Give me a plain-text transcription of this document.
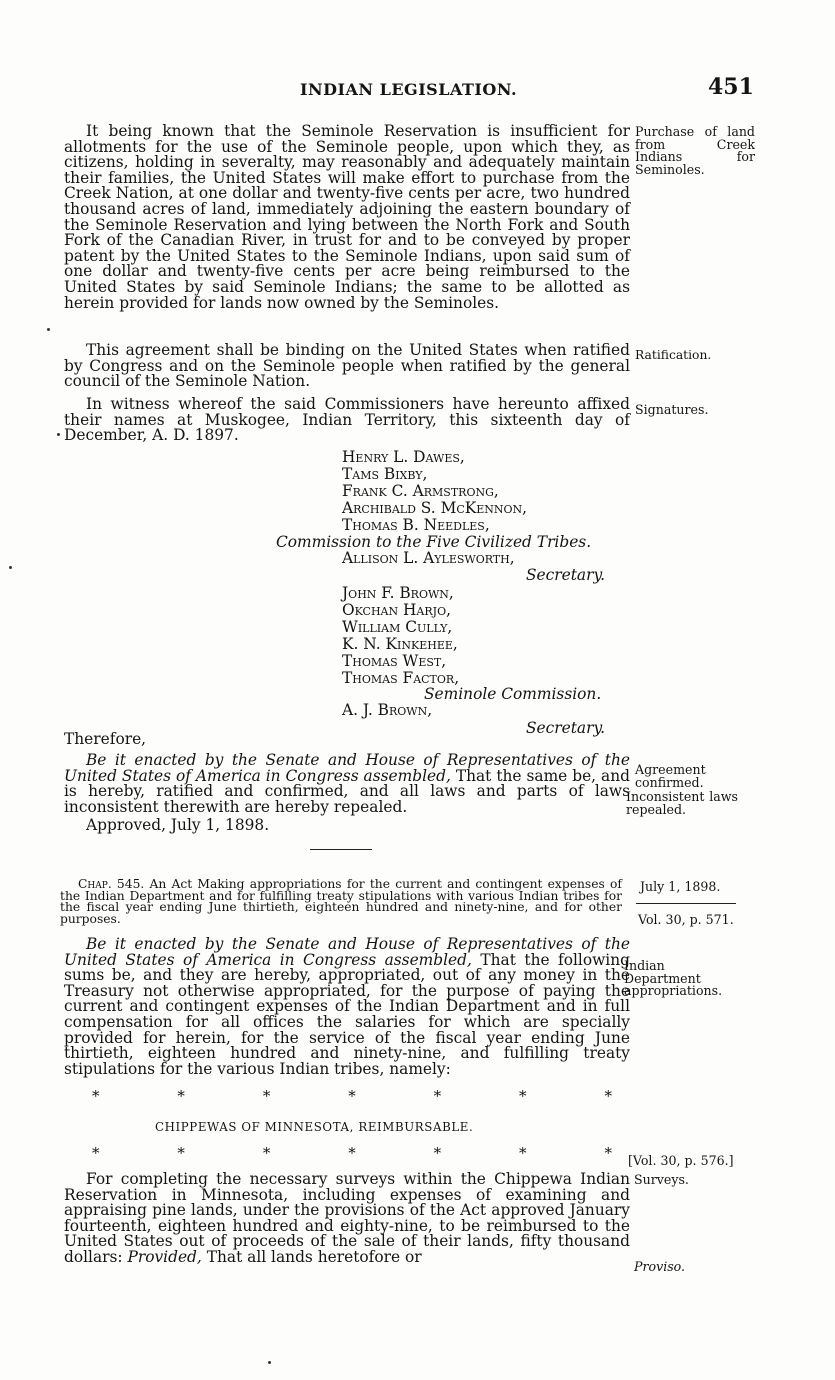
INDIAN LEGISLATION.	451

It being known that the Seminole Reservation is insufficient for allotments for the use of the Seminole people, upon which they, as citizens, holding in severalty, may reasonably and adequately maintain their families, the United States will make effort to purchase from the Creek Nation, at one dollar and twenty-five cents per acre, two hundred thousand acres of land, immediately adjoining the eastern boundary of the Seminole Reservation and lying between the North Fork and South Fork of the Canadian River, in trust for and to be conveyed by proper patent by the United States to the Seminole Indians, upon said sum of one dollar and twenty-five cents per acre being reimbursed to the United States by said Seminole Indians; the same to be allotted as herein provided for lands now owned by the Seminoles.

This agreement shall be binding on the United States when ratified by Congress and on the Seminole people when ratified by the general council of the Seminole Nation.

In witness whereof the said Commissioners have hereunto affixed their names at Muskogee, Indian Territory, this sixteenth day of December, A. D. 1897.

Henry L. Dawes,
Tams Bixby,
Frank C. Armstrong,
Archibald S. McKennon,
Thomas B. Needles,
Commission to the Five Civilized Tribes.
Allison L. Aylesworth,
Secretary.
John F. Brown,
Okchan Harjo,
William Cully,
K. N. Kinkehee,
Thomas West,
Thomas Factor,
Seminole Commission.
A. J. Brown,
Secretary.

Therefore,

Be it enacted by the Senate and House of Representatives of the United States of America in Congress assembled, That the same be, and is hereby, ratified and confirmed, and all laws and parts of laws inconsistent therewith are hereby repealed.

Approved, July 1, 1898.

Chap. 545. An Act Making appropriations for the current and contingent expenses of the Indian Department and for fulfilling treaty stipulations with various Indian tribes for the fiscal year ending June thirtieth, eighteen hundred and ninety-nine, and for other purposes.

Be it enacted by the Senate and House of Representatives of the United States of America in Congress assembled, That the following sums be, and they are hereby, appropriated, out of any money in the Treasury not otherwise appropriated, for the purpose of paying the current and contingent expenses of the Indian Department and in full compensation for all offices the salaries for which are specially provided for herein, for the service of the fiscal year ending June thirtieth, eighteen hundred and ninety-nine, and fulfilling treaty stipulations for the various Indian tribes, namely:

*	*	*	*	*	*	*
CHIPPEWAS OF MINNESOTA, REIMBURSABLE.
*	*	*	*	*	*	*

For completing the necessary surveys within the Chippewa Indian Reservation in Minnesota, including expenses of examining and appraising pine lands, under the provisions of the Act approved January fourteenth, eighteen hundred and eighty-nine, to be reimbursed to the United States out of proceeds of the sale of their lands, fifty thousand dollars: Provided, That all lands heretofore or

Purchase of land from Creek Indians for Seminoles.
Ratification.
Signatures.
Agreement confirmed.
Inconsistent laws repealed.
July 1, 1898.
Vol. 30, p. 571.
Indian Department appropriations.
[Vol. 30, p. 576.]
Surveys.
Proviso.
